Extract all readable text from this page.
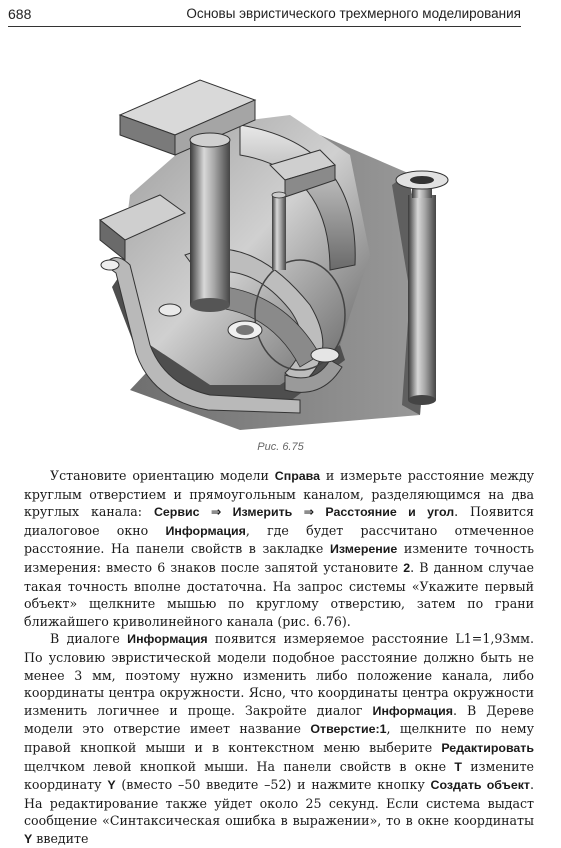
688	Основы эвристического трехмерного моделирования
Рис. 6.75

Установите ориентацию модели Справа и измерьте расстояние между круглым отверстием и прямоугольным каналом, разделяющимся на два круглых канала: Сервис ⇒ Измерить ⇒ Расстояние и угол. Появится диалоговое окно Информация, где будет рассчитано отмеченное расстояние. На панели свойств в закладке Измерение измените точность измерения: вместо 6 знаков после запятой установите 2. В данном случае такая точность вполне достаточна. На запрос системы «Укажите первый объект» щелкните мышью по круглому отверстию, затем по грани ближайшего криволинейного канала (рис. 6.76).

В диалоге Информация появится измеряемое расстояние L1=1,93мм. По условию эвристической модели подобное расстояние должно быть не менее 3 мм, поэтому нужно изменить либо положение канала, либо координаты центра окружности. Ясно, что координаты центра окружности изменить логичнее и проще. Закройте диалог Информация. В Дереве модели это отверстие имеет название Отверстие:1, щелкните по нему правой кнопкой мыши и в контекстном меню выберите Редактировать щелчком левой кнопкой мыши. На панели свойств в окне Т измените координату Y (вместо –50 введите –52) и нажмите кнопку Создать объект. На редактирование также уйдет около 25 секунд. Если система выдаст сообщение «Синтаксическая ошибка в выражении», то в окне координаты Y введите
